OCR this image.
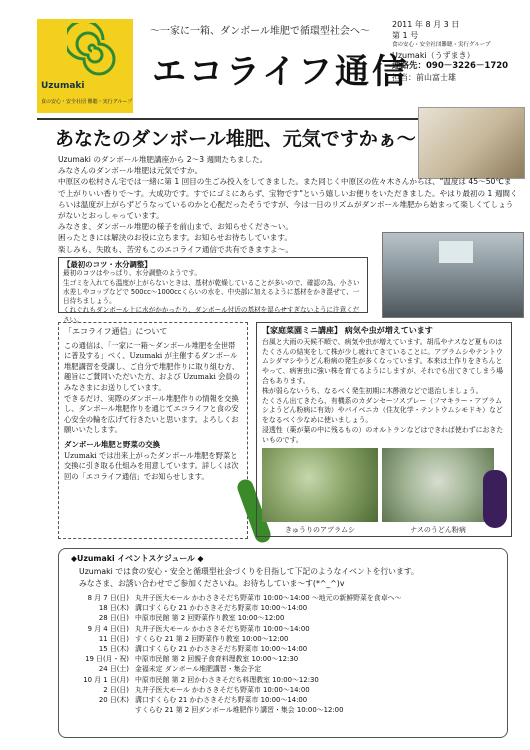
Uzumaki
食の安心・安全社団 難聴・実行グループ
～一家に一箱、ダンボール堆肥で循環型社会へ～
エコライフ通信
2011 年 8 月 3 日
第 1 号
食の安心・安全社団難聴・実行グループ
Uzumaki（うずまき）
連絡先：090－3226－1720
担当：前山富士雄
あなたのダンボール堆肥、元気ですかぁ～

Uzumaki のダンボール堆肥講座から 2～3 週間たちました。

みなさんのダンボール堆肥は元気ですか。

中原区の松村さん宅では一緒に第 1 回目の生ごみ投入をしてきました。また同じく中原区の佐々木さんからは、"温度は 45～50℃まで上がりいい香りで～す。大成功です。すでにゴミにあらず、宝物です"という嬉しいお便りをいただきました。やはり最初の 1 週間くらいは温度が上がらずどうなっているのかと心配だったそうですが、今は一日のリズムがダンボール堆肥から始まって楽しくてしょうがないとおっしゃっています。

みなさま、ダンボール堆肥の様子を前山まで、お知らせくださ～い。

困ったときには解決のお役に立ちます。お知らせお待ちしています。

楽しみも、失敗も、苦労もこのエコライフ通信で共有できますよ～。

【最初のコツ・水分調整】
最初のコツはやっぱり、水分調整のようです。
生ゴミを入れても温度が上がらないときは、基材が乾燥していることが多いので、確認の為、小さい水差しやコップなどで 500cc～1000ccくらいの水を、中央部に加えるように基材をかき混ぜて、一日待ちましょう。
くれぐれもダンボール上に水がかかったり、ダンボール付近の基材を湿らせすぎないように注意ください。
「エコライフ通信」について

この通信は、「一家に一箱～ダンボール堆肥を全世帯に普及する」べく、Uzumaki が主催するダンボール堆肥講習を受講し、ご自分で堆肥作りに取り組む方、趣旨にご賛同いただいた方、および Uzumaki 会員のみなさまにお送りしています。

できるだけ、実際のダンボール堆肥作りの情報を交換し、ダンボール堆肥作りを通じてエコライフと食の安心安全の輪を広げて行きたいと思います。よろしくお願いいたします。

ダンボール堆肥と野菜の交換

Uzumaki では出来上がったダンボール堆肥を野菜と交換に引き取る仕組みを用意しています。詳しくは次回の「エコライフ通信」でお知らせします。

【家庭菜園ミニ講座】 病気や虫が増えています

台風と大雨の天候不順で、病気や虫が増えています。胡瓜やナスなど夏ものはたくさんの結実をして株が少し疲れてきていることに。アブラムシやテントウムシダマシやうどん粉病の発生が多くなっています。本来は土作りをきちんとやって、病害虫に強い株を育てるようにしますが、それでも出てきてしまう場合もあります。

株が弱らないうち、なるべく発生初期に木酢液などで退治しましょう。

たくさん出てきたら、有機系のカダンセーフスプレー（フマキラー・アブラムシようどん粉病に有効）やパイベニカ（住友化学・テントウムシモドキ）などをなるべく少なめに使いましょう。

浸透性（薬が葉の中に残るもの）のオルトランなどはできれば使わずにおきたいものです。

きゅうりのアブラムシ	ナスのうどん粉病
◆Uzumaki イベントスケジュール ◆
Uzumaki では食の安心・安全と循環型社会づくりを目指して下記のようなイベントを行います。
みなさま、お誘い合わせでご参加くださいね。お待ちしていま～す(*^_^)v
8 月 7 日(日) 丸井子医大モール かわさきそだち野菜市 10:00～14:00 ～地元の新鮮野菜を食卓へ～
18 日(木) 溝口すくらむ 21 かわさきそだち野菜市 10:00～14:00
28 日(日) 中原市民館 第 2 回野菜作り教室 10:00～12:00
9 月 4 日(日) 丸井子医大モール かわさきそだち野菜市 10:00～14:00
11 日(日) すくらむ 21 第 2 回野菜作り教室 10:00～12:00
15 日(木) 溝口すくらむ 21 かわさきそだち野菜市 10:00～14:00
19 日(月・祝) 中原市民館 第 2 回親子食育料理教室 10:00～12:30
24 日(土) 金福未定 ダンボール堆肥講習・集会予定
10 月 1 日(月) 中原市民館 第 2 回かわさきそだち料理教室 10:00～12:30
2 日(日) 丸井子医大モール かわさきそだち野菜市 10:00～14:00
20 日(木) 溝口すくらむ 21 かわさきそだち野菜市 10:00～14:00
すくらむ 21 第 2 回ダンボール堆肥作り講習・集会 10:00～12:00
